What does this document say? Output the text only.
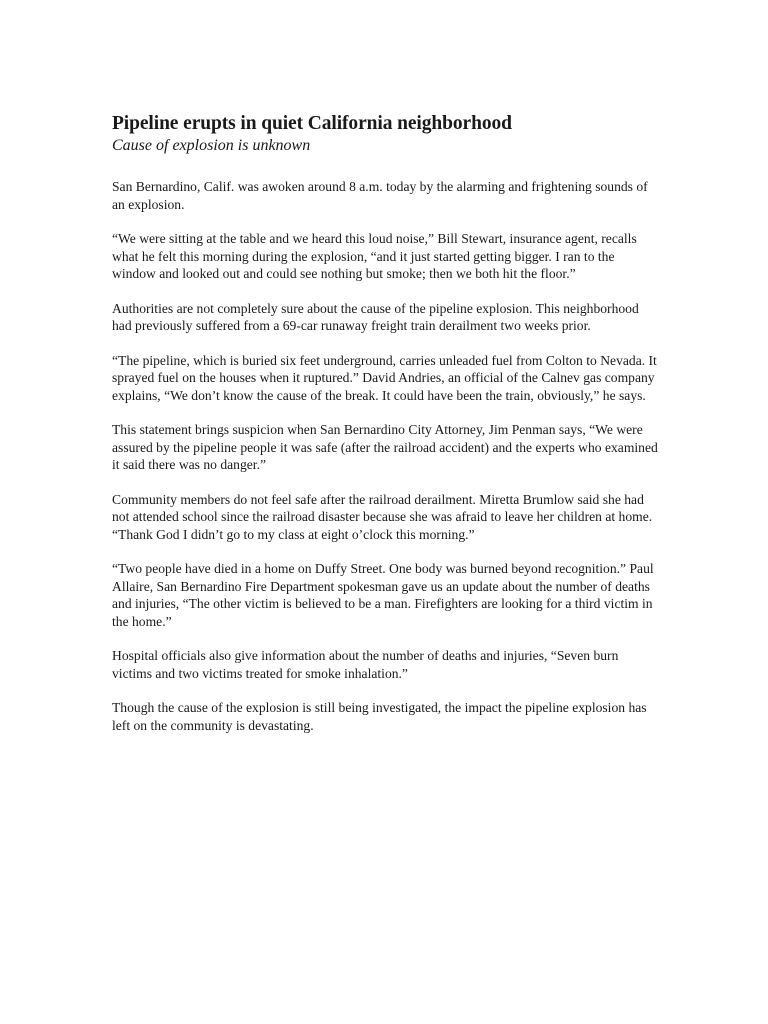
Pipeline erupts in quiet California neighborhood

Cause of explosion is unknown

San Bernardino, Calif. was awoken around 8 a.m. today by the alarming and frightening sounds of an explosion.

“We were sitting at the table and we heard this loud noise,” Bill Stewart, insurance agent, recalls what he felt this morning during the explosion, “and it just started getting bigger. I ran to the window and looked out and could see nothing but smoke; then we both hit the floor.”

Authorities are not completely sure about the cause of the pipeline explosion. This neighborhood had previously suffered from a 69-car runaway freight train derailment two weeks prior.

“The pipeline, which is buried six feet underground, carries unleaded fuel from Colton to Nevada. It sprayed fuel on the houses when it ruptured.” David Andries, an official of the Calnev gas company explains, “We don’t know the cause of the break. It could have been the train, obviously,” he says.

This statement brings suspicion when San Bernardino City Attorney, Jim Penman says, “We were assured by the pipeline people it was safe (after the railroad accident) and the experts who examined it said there was no danger.”

Community members do not feel safe after the railroad derailment. Miretta Brumlow said she had not attended school since the railroad disaster because she was afraid to leave her children at home. “Thank God I didn’t go to my class at eight o’clock this morning.”

“Two people have died in a home on Duffy Street. One body was burned beyond recognition.” Paul Allaire, San Bernardino Fire Department spokesman gave us an update about the number of deaths and injuries, “The other victim is believed to be a man. Firefighters are looking for a third victim in the home.”

Hospital officials also give information about the number of deaths and injuries, “Seven burn victims and two victims treated for smoke inhalation.”

Though the cause of the explosion is still being investigated, the impact the pipeline explosion has left on the community is devastating.
